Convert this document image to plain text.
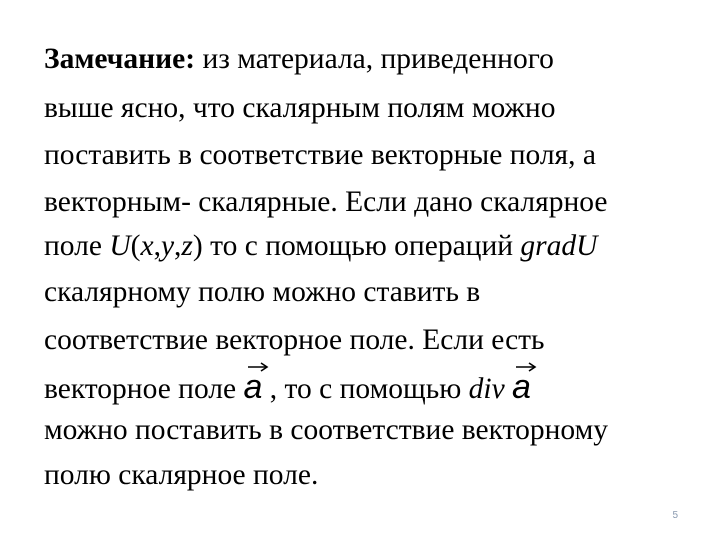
Замечание: из материала, приведенного
выше ясно, что скалярным полям можно
поставить в соответствие векторные поля, а
векторным- скалярные. Если дано скалярное
поле U(x,y,z) то с помощью операций gradU
скалярному полю можно ставить в
соответствие векторное поле. Если есть
векторное поле
a , то с помощью div a
можно поставить в соответствие векторному
полю скалярное поле.
5
